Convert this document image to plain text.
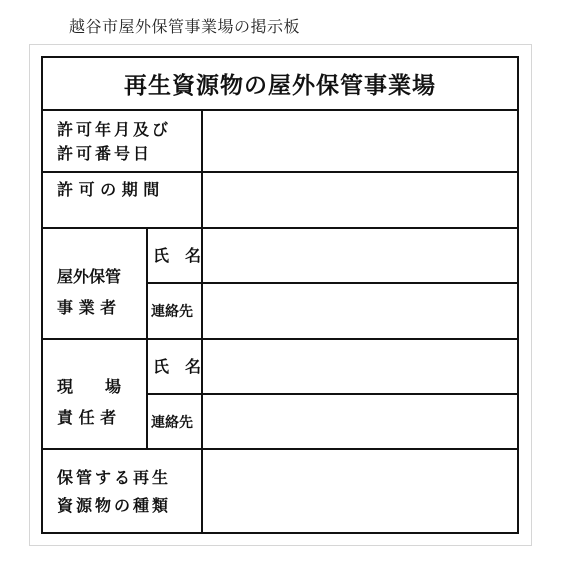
越谷市屋外保管事業場の掲示板
再生資源物の屋外保管事業場
許可年月及び
許可番号日
許 可 の 期 間
屋外保管
事 業 者
氏　名
連絡先
現　　場
責 任 者
氏　名
連絡先
保管する再生
資源物の種類
